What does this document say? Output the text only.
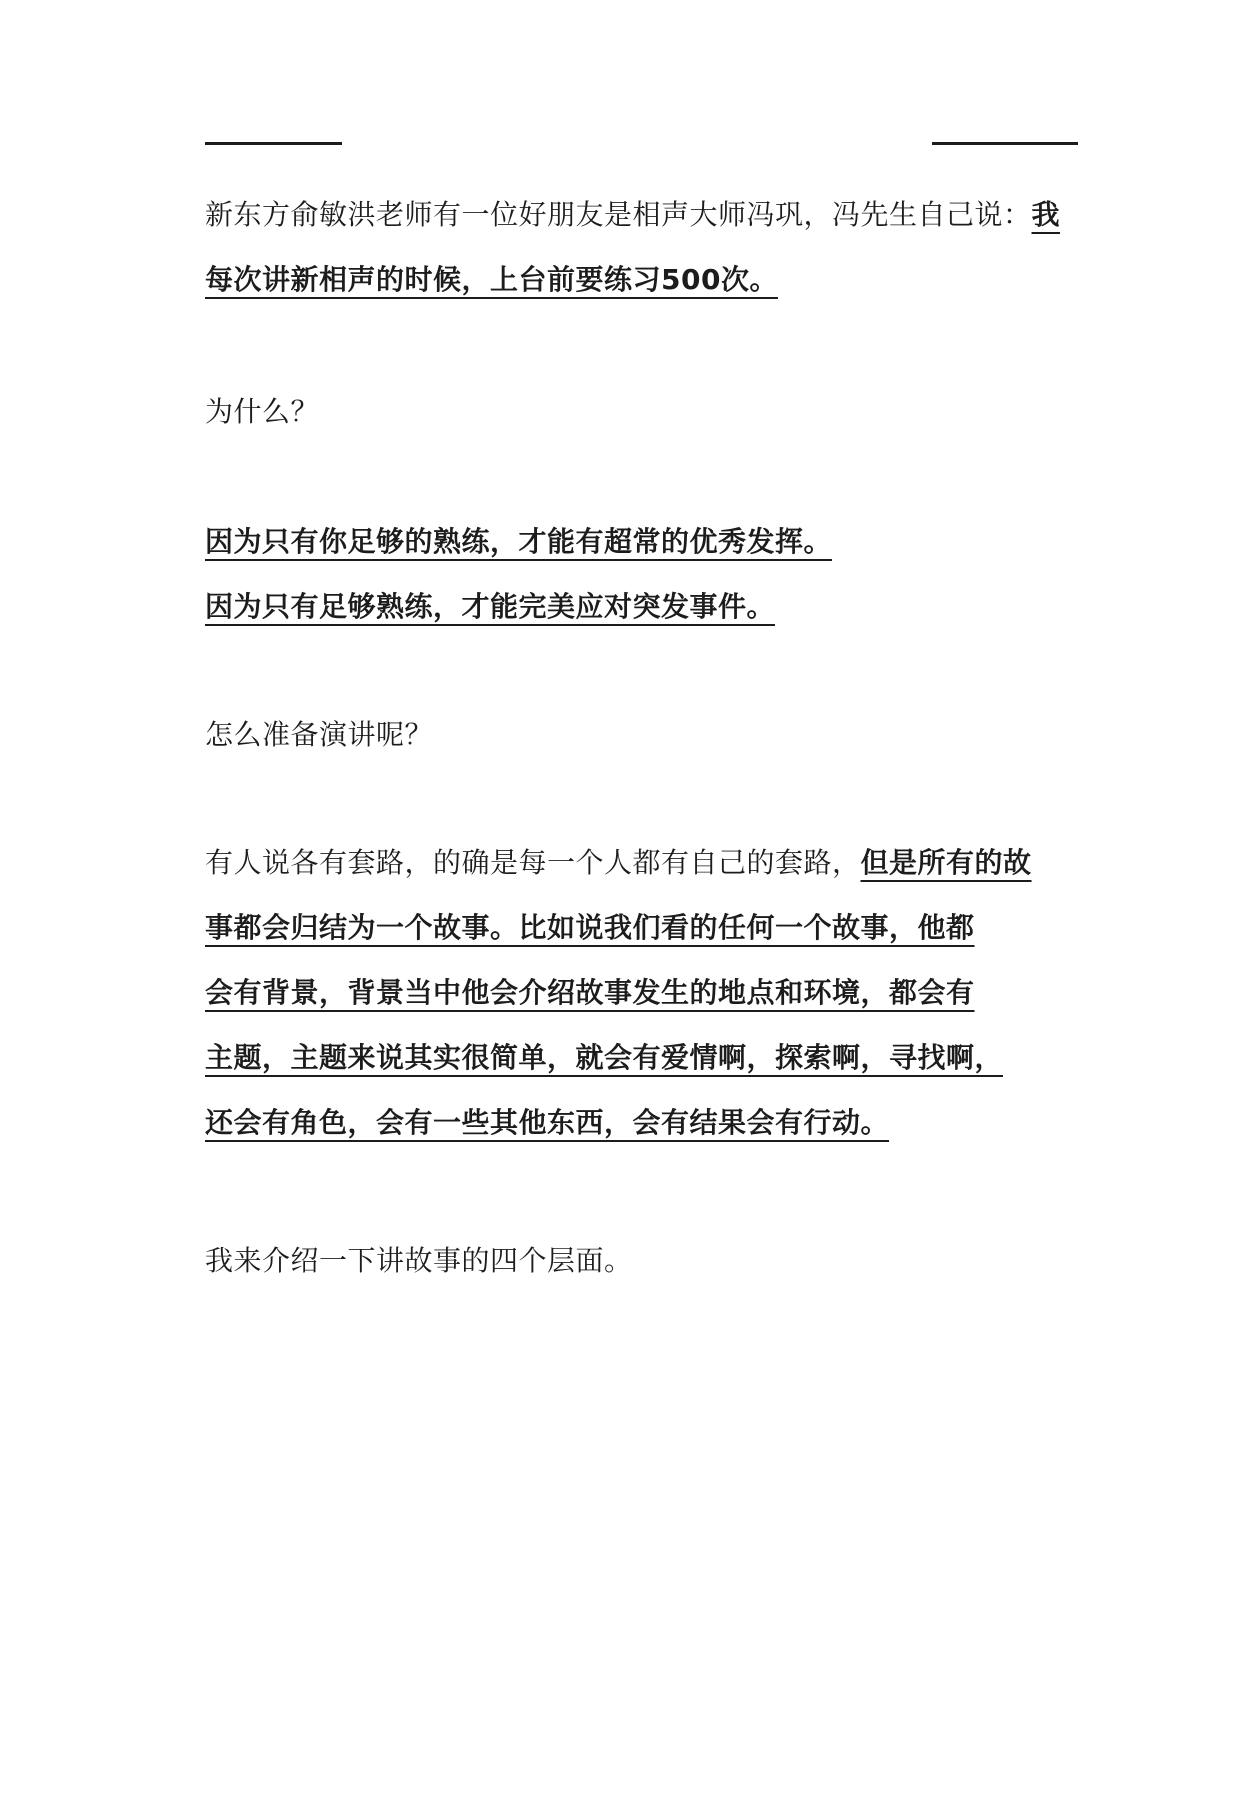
新东方俞敏洪老师有一位好朋友是相声大师冯巩，冯先生自己说：我
每次讲新相声的时候，上台前要练习500次。

为什么？

因为只有你足够的熟练，才能有超常的优秀发挥。
因为只有足够熟练，才能完美应对突发事件。

怎么准备演讲呢？

有人说各有套路，的确是每一个人都有自己的套路，但是所有的故
事都会归结为一个故事。比如说我们看的任何一个故事，他都
会有背景，背景当中他会介绍故事发生的地点和环境，都会有
主题，主题来说其实很简单，就会有爱情啊，探索啊，寻找啊，
还会有角色，会有一些其他东西，会有结果会有行动。

我来介绍一下讲故事的四个层面。
